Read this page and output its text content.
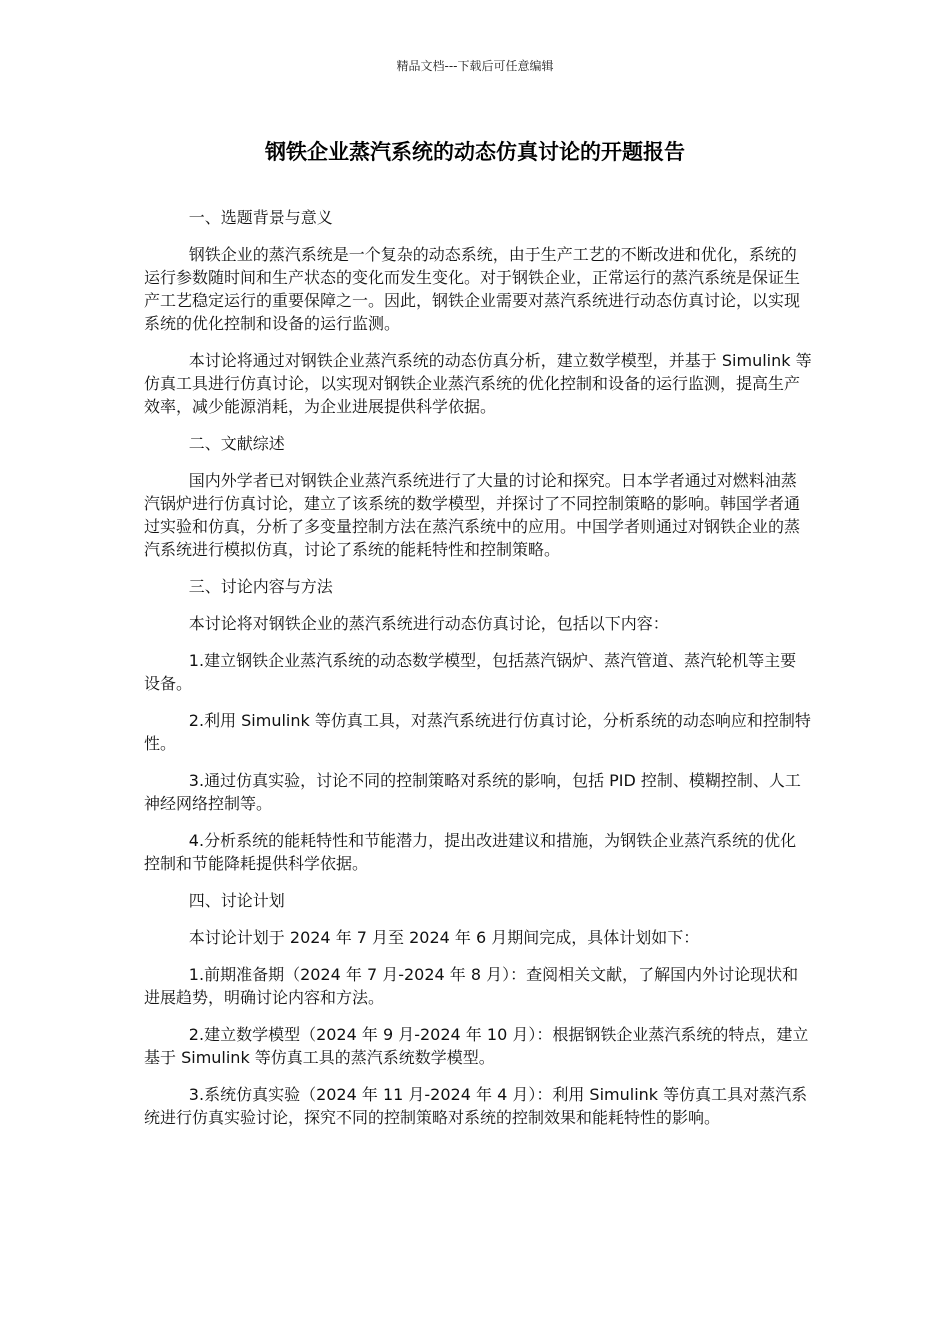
精品文档---下载后可任意编辑
钢铁企业蒸汽系统的动态仿真讨论的开题报告

一、选题背景与意义

钢铁企业的蒸汽系统是一个复杂的动态系统，由于生产工艺的不断改进和优化，系统的运行参数随时间和生产状态的变化而发生变化。对于钢铁企业，正常运行的蒸汽系统是保证生产工艺稳定运行的重要保障之一。因此，钢铁企业需要对蒸汽系统进行动态仿真讨论，以实现系统的优化控制和设备的运行监测。

本讨论将通过对钢铁企业蒸汽系统的动态仿真分析，建立数学模型，并基于 Simulink 等仿真工具进行仿真讨论，以实现对钢铁企业蒸汽系统的优化控制和设备的运行监测，提高生产效率，减少能源消耗，为企业进展提供科学依据。

二、文献综述

国内外学者已对钢铁企业蒸汽系统进行了大量的讨论和探究。日本学者通过对燃料油蒸汽锅炉进行仿真讨论，建立了该系统的数学模型，并探讨了不同控制策略的影响。韩国学者通过实验和仿真，分析了多变量控制方法在蒸汽系统中的应用。中国学者则通过对钢铁企业的蒸汽系统进行模拟仿真，讨论了系统的能耗特性和控制策略。

三、讨论内容与方法

本讨论将对钢铁企业的蒸汽系统进行动态仿真讨论，包括以下内容：

1.建立钢铁企业蒸汽系统的动态数学模型，包括蒸汽锅炉、蒸汽管道、蒸汽轮机等主要设备。

2.利用 Simulink 等仿真工具，对蒸汽系统进行仿真讨论，分析系统的动态响应和控制特性。

3.通过仿真实验，讨论不同的控制策略对系统的影响，包括 PID 控制、模糊控制、人工神经网络控制等。

4.分析系统的能耗特性和节能潜力，提出改进建议和措施，为钢铁企业蒸汽系统的优化控制和节能降耗提供科学依据。

四、讨论计划

本讨论计划于 2024 年 7 月至 2024 年 6 月期间完成，具体计划如下：

1.前期准备期（2024 年 7 月-2024 年 8 月）：查阅相关文献，了解国内外讨论现状和进展趋势，明确讨论内容和方法。

2.建立数学模型（2024 年 9 月-2024 年 10 月）：根据钢铁企业蒸汽系统的特点，建立基于 Simulink 等仿真工具的蒸汽系统数学模型。

3.系统仿真实验（2024 年 11 月-2024 年 4 月）：利用 Simulink 等仿真工具对蒸汽系统进行仿真实验讨论，探究不同的控制策略对系统的控制效果和能耗特性的影响。
